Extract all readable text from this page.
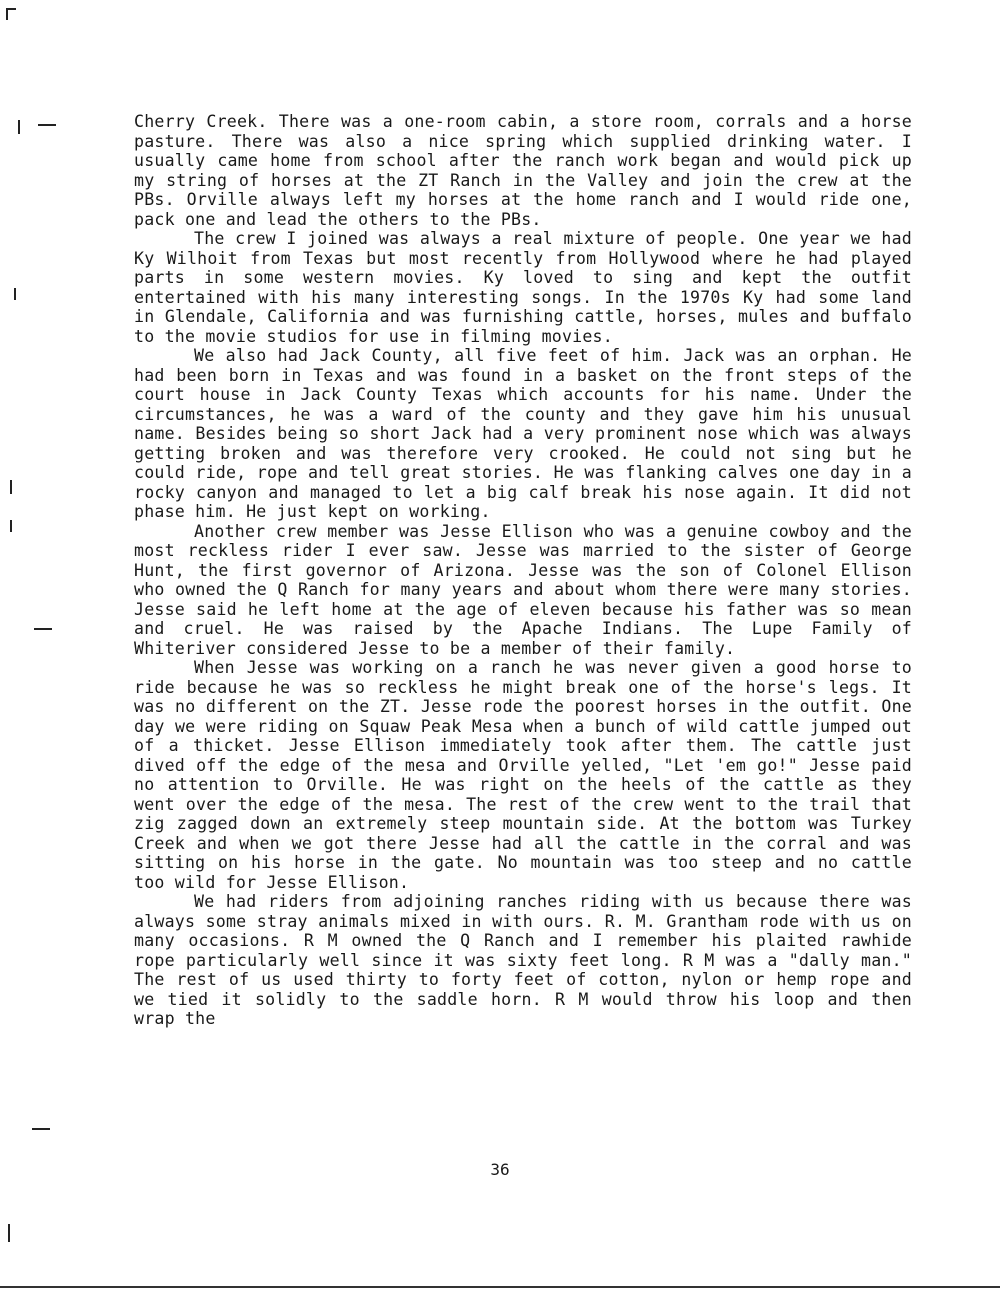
Cherry Creek. There was a one-room cabin, a store room, corrals and a horse pasture. There was also a nice spring which supplied drinking water. I usually came home from school after the ranch work began and would pick up my string of horses at the ZT Ranch in the Valley and join the crew at the PBs. Orville always left my horses at the home ranch and I would ride one, pack one and lead the others to the PBs.

The crew I joined was always a real mixture of people. One year we had Ky Wilhoit from Texas but most recently from Hollywood where he had played parts in some western movies. Ky loved to sing and kept the outfit entertained with his many interesting songs. In the 1970s Ky had some land in Glendale, California and was furnishing cattle, horses, mules and buffalo to the movie studios for use in filming movies.

We also had Jack County, all five feet of him. Jack was an orphan. He had been born in Texas and was found in a basket on the front steps of the court house in Jack County Texas which accounts for his name. Under the circumstances, he was a ward of the county and they gave him his unusual name. Besides being so short Jack had a very prominent nose which was always getting broken and was therefore very crooked. He could not sing but he could ride, rope and tell great stories. He was flanking calves one day in a rocky canyon and managed to let a big calf break his nose again. It did not phase him. He just kept on working.

Another crew member was Jesse Ellison who was a genuine cowboy and the most reckless rider I ever saw. Jesse was married to the sister of George Hunt, the first governor of Arizona. Jesse was the son of Colonel Ellison who owned the Q Ranch for many years and about whom there were many stories. Jesse said he left home at the age of eleven because his father was so mean and cruel. He was raised by the Apache Indians. The Lupe Family of Whiteriver considered Jesse to be a member of their family.

When Jesse was working on a ranch he was never given a good horse to ride because he was so reckless he might break one of the horse's legs. It was no different on the ZT. Jesse rode the poorest horses in the outfit. One day we were riding on Squaw Peak Mesa when a bunch of wild cattle jumped out of a thicket. Jesse Ellison immediately took after them. The cattle just dived off the edge of the mesa and Orville yelled, "Let 'em go!" Jesse paid no attention to Orville. He was right on the heels of the cattle as they went over the edge of the mesa. The rest of the crew went to the trail that zig zagged down an extremely steep mountain side. At the bottom was Turkey Creek and when we got there Jesse had all the cattle in the corral and was sitting on his horse in the gate. No mountain was too steep and no cattle too wild for Jesse Ellison.

We had riders from adjoining ranches riding with us because there was always some stray animals mixed in with ours. R. M. Grantham rode with us on many occasions. R M owned the Q Ranch and I remember his plaited rawhide rope particularly well since it was sixty feet long. R M was a "dally man." The rest of us used thirty to forty feet of cotton, nylon or hemp rope and we tied it solidly to the saddle horn. R M would throw his loop and then wrap the

36
